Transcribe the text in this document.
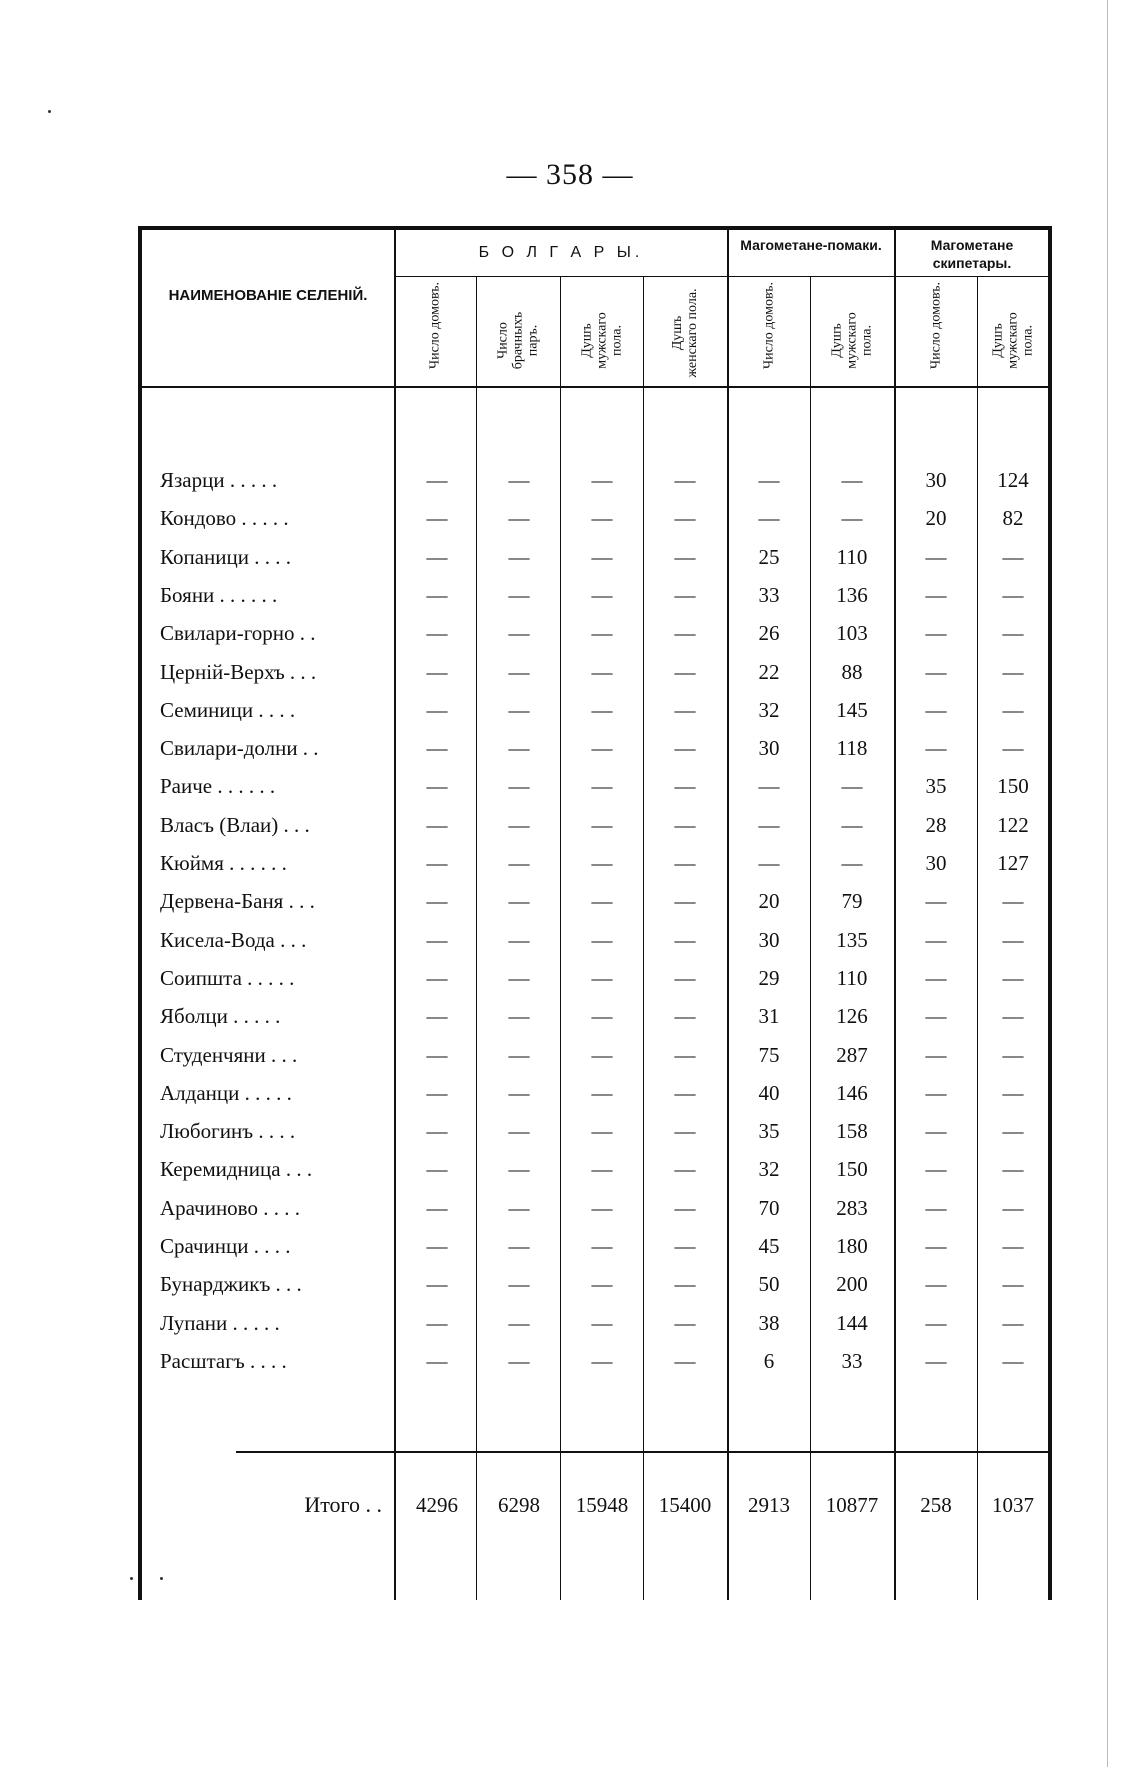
— 358 —
НАИМЕНОВАНІЕ СЕЛЕНІЙ.
Б О Л Г А Р Ы.	Магометане-помаки.	Магометане скипетары.
Число домовъ.	Число брачныхъ паръ.	Душъ мужскаго пола.	Душъ женскаго пола.	Число домовъ.	Душъ мужскаго пола.	Число домовъ.	Душъ мужскаго пола.
Язарци . . . . .	—	—	—	—	—	—	30	124
Кондово . . . . .	—	—	—	—	—	—	20	82
Копаници . . . .	—	—	—	—	25	110	—	—
Бояни . . . . . .	—	—	—	—	33	136	—	—
Свилари-горно . .	—	—	—	—	26	103	—	—
Церній-Верхъ . . .	—	—	—	—	22	88	—	—
Семиници . . . .	—	—	—	—	32	145	—	—
Свилари-долни . .	—	—	—	—	30	118	—	—
Раиче . . . . . .	—	—	—	—	—	—	35	150
Власъ (Влаи) . . .	—	—	—	—	—	—	28	122
Кюймя . . . . . .	—	—	—	—	—	—	30	127
Дервена-Баня . . .	—	—	—	—	20	79	—	—
Кисела-Вода . . .	—	—	—	—	30	135	—	—
Соипшта . . . . .	—	—	—	—	29	110	—	—
Яболци . . . . .	—	—	—	—	31	126	—	—
Студенчяни . . .	—	—	—	—	75	287	—	—
Алданци . . . . .	—	—	—	—	40	146	—	—
Любогинъ . . . .	—	—	—	—	35	158	—	—
Керемидница . . .	—	—	—	—	32	150	—	—
Арачиново . . . .	—	—	—	—	70	283	—	—
Срачинци . . . .	—	—	—	—	45	180	—	—
Бунарджикъ . . .	—	—	—	—	50	200	—	—
Лупани . . . . .	—	—	—	—	38	144	—	—
Расштагъ . . . .	—	—	—	—	6	33	—	—
Итого . .	4296	6298	15948	15400	2913	10877	258	1037
